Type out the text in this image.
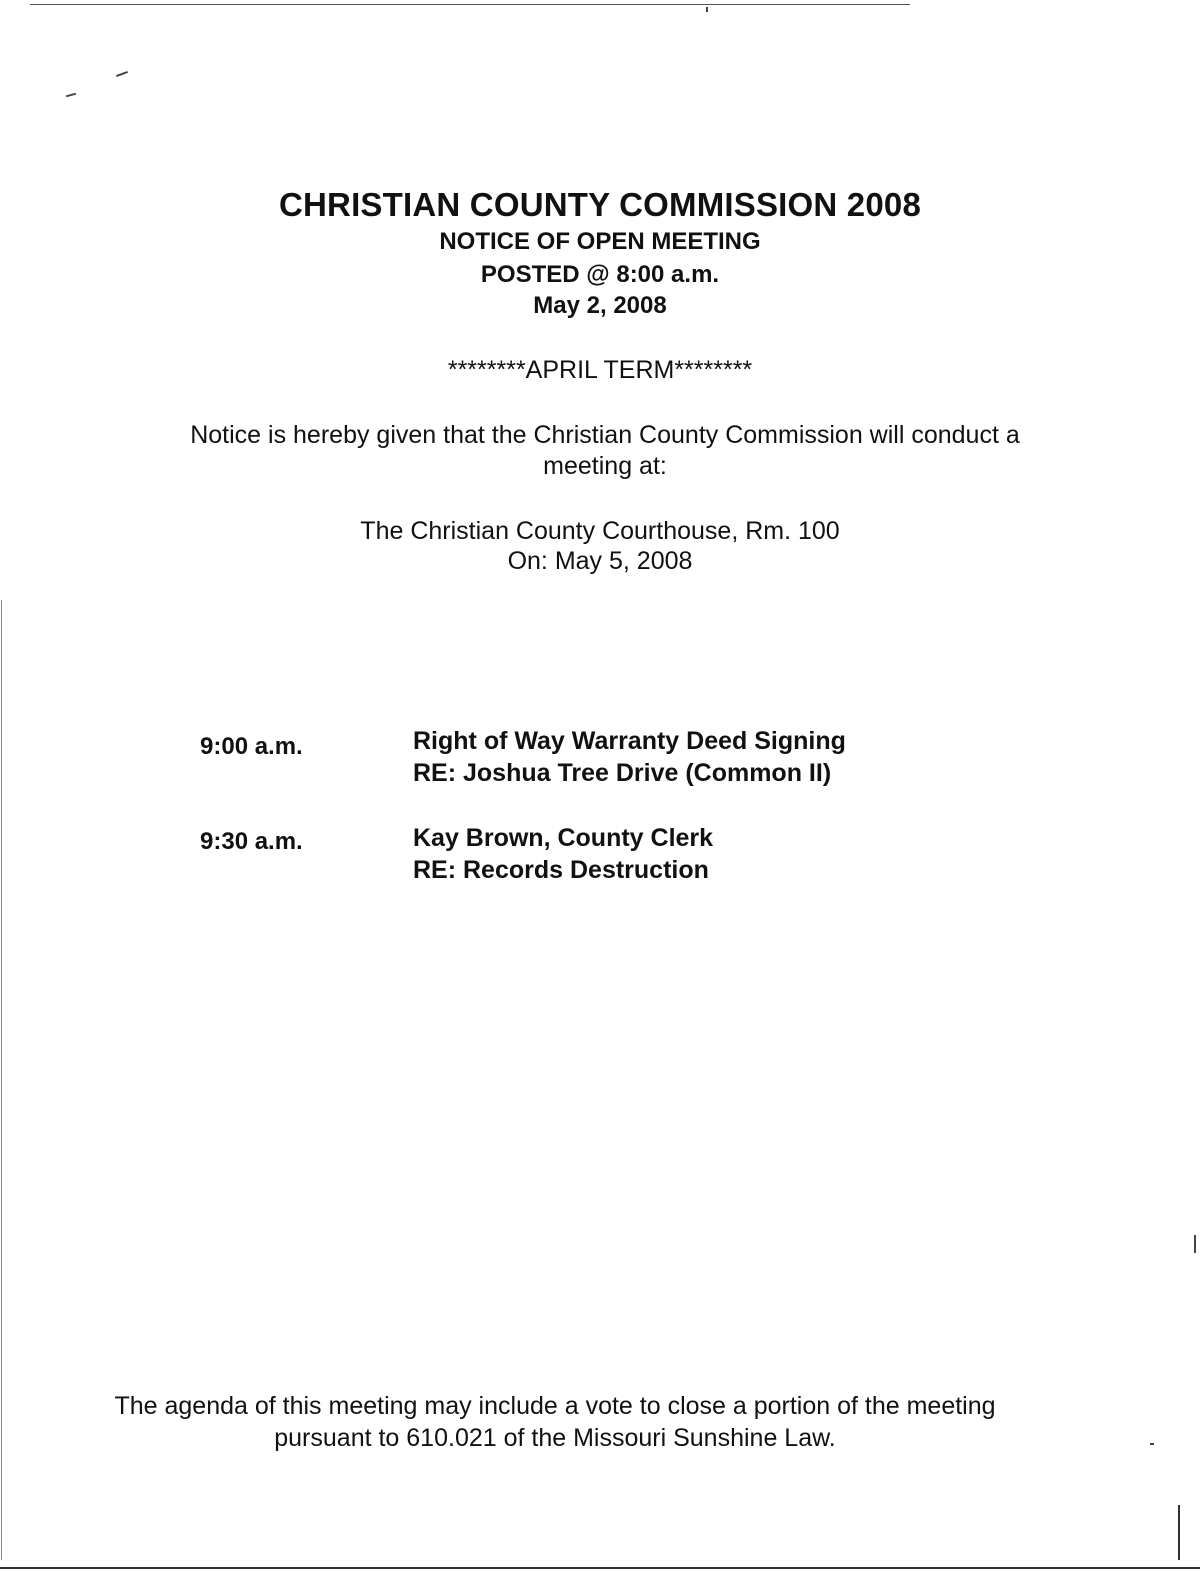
CHRISTIAN COUNTY COMMISSION 2008
NOTICE OF OPEN MEETING
POSTED @ 8:00 a.m.
May 2, 2008
********APRIL TERM********
Notice is hereby given that the Christian County Commission will conduct a
meeting at:
The Christian County Courthouse, Rm. 100
On: May 5, 2008
9:00 a.m.	Right of Way Warranty Deed Signing
RE: Joshua Tree Drive (Common II)
9:30 a.m.	Kay Brown, County Clerk
RE: Records Destruction
The agenda of this meeting may include a vote to close a portion of the meeting
pursuant to 610.021 of the Missouri Sunshine Law.
